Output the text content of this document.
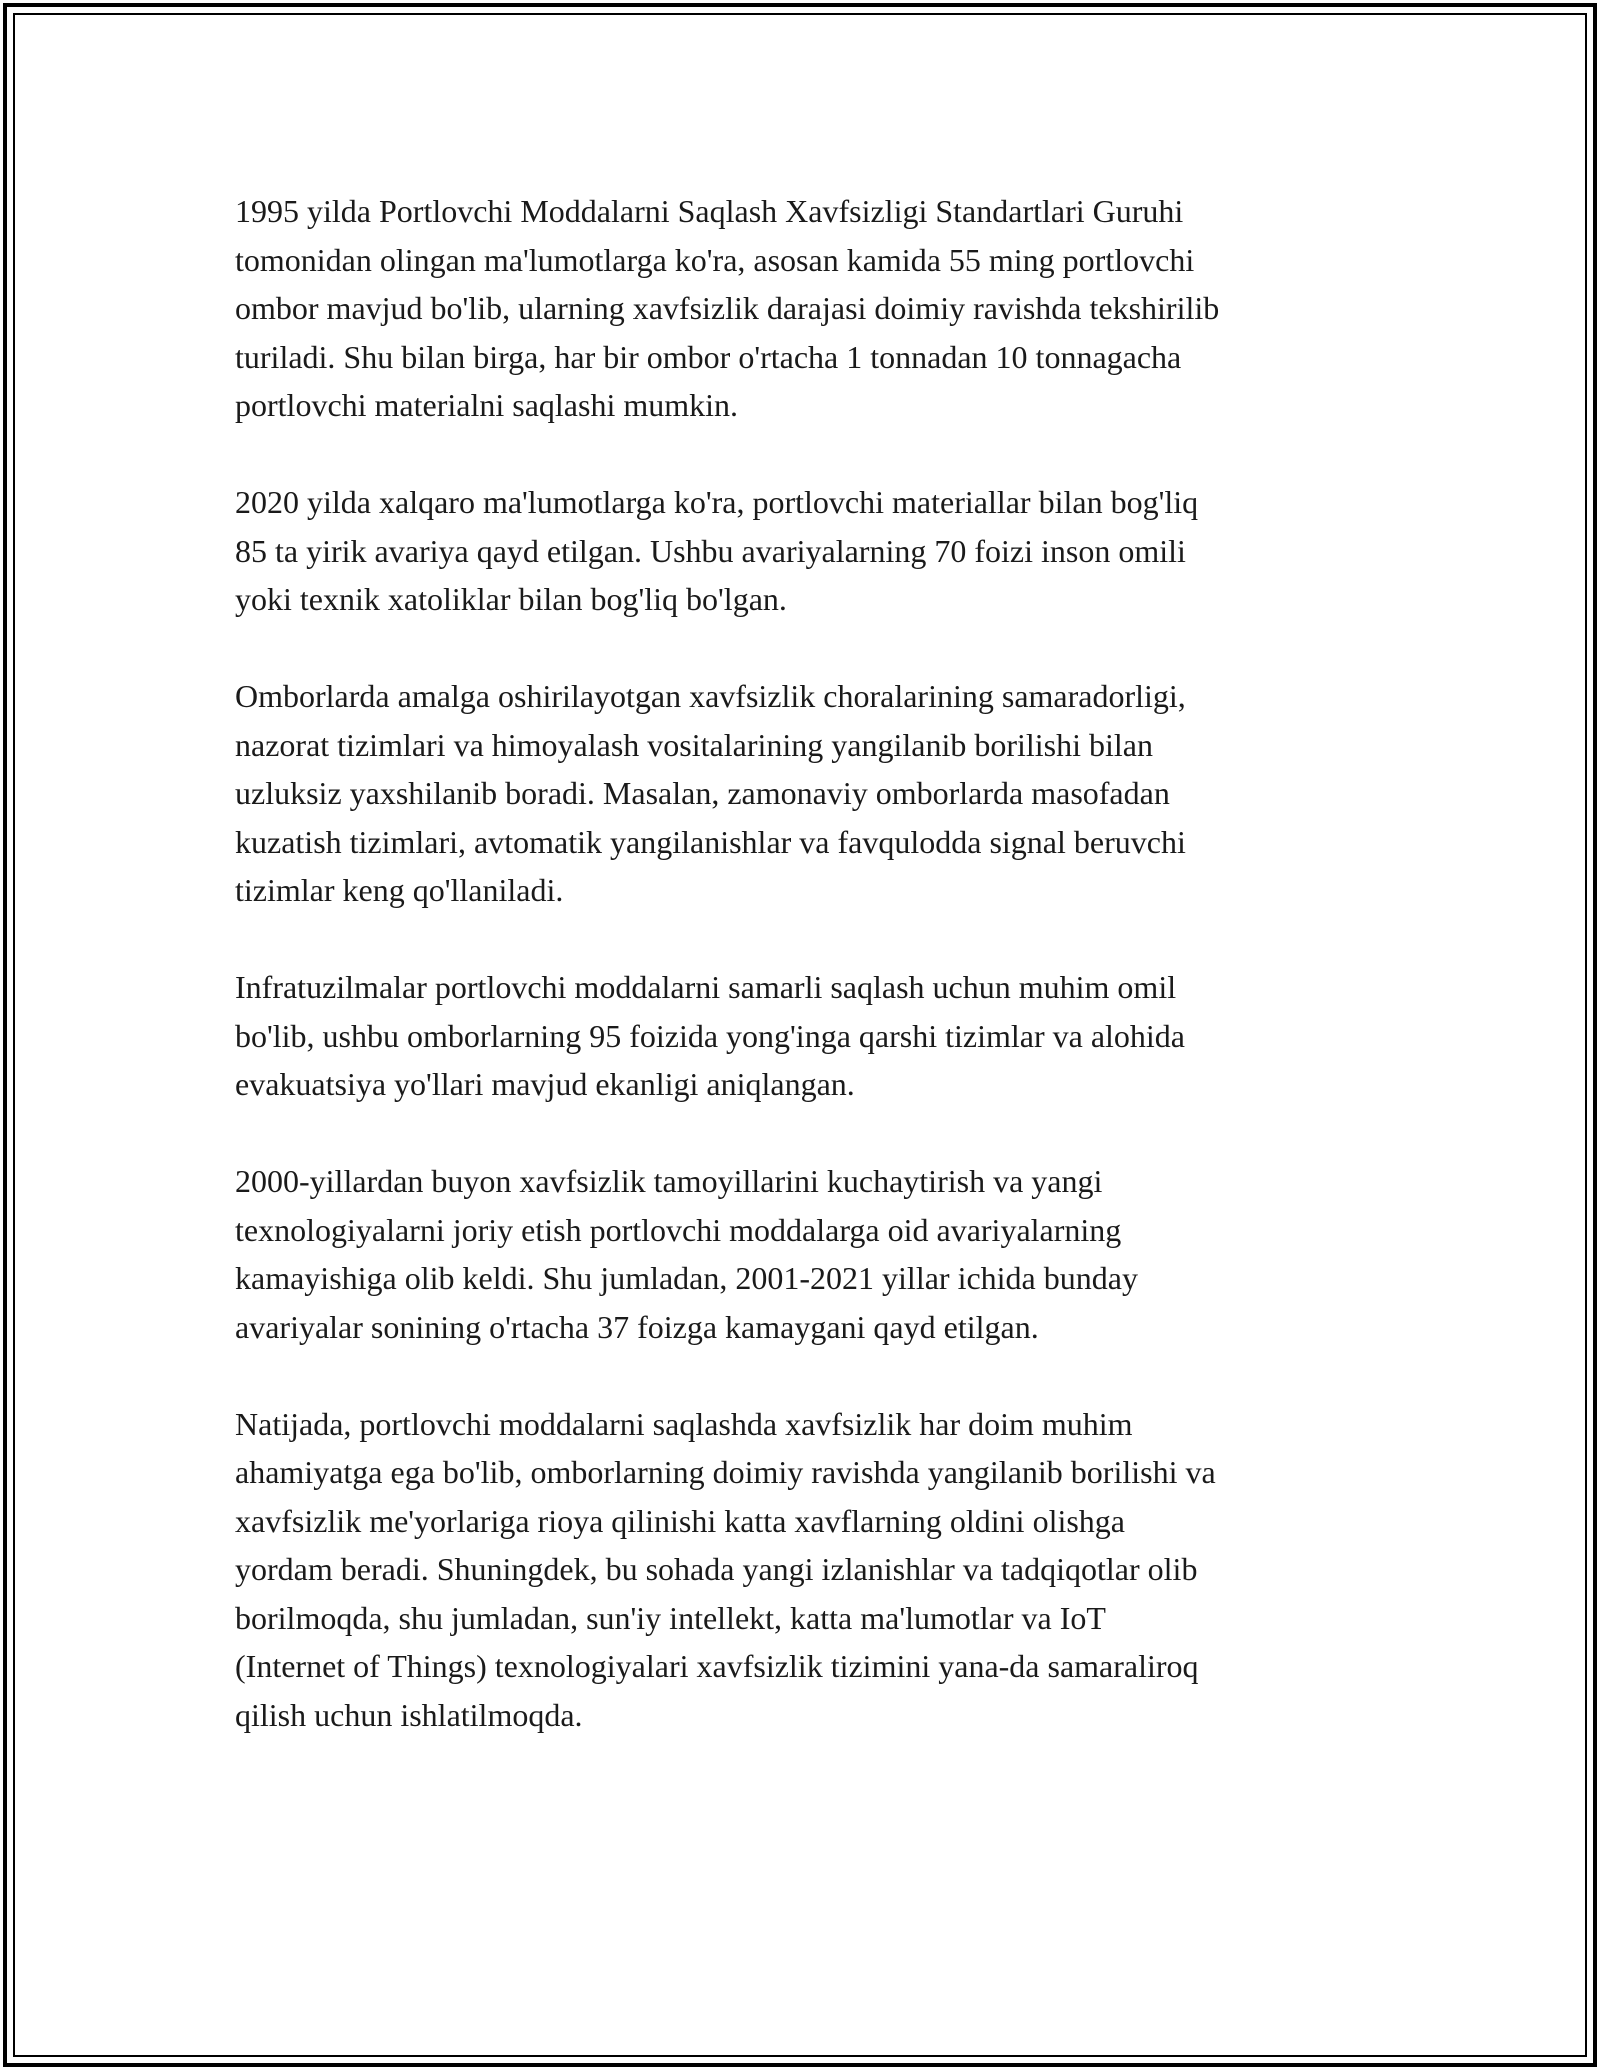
1995 yilda Portlovchi Moddalarni Saqlash Xavfsizligi Standartlari Guruhi
tomonidan olingan ma'lumotlarga ko'ra, asosan kamida 55 ming portlovchi
ombor mavjud bo'lib, ularning xavfsizlik darajasi doimiy ravishda tekshirilib
turiladi. Shu bilan birga, har bir ombor o'rtacha 1 tonnadan 10 tonnagacha
portlovchi materialni saqlashi mumkin.

2020 yilda xalqaro ma'lumotlarga ko'ra, portlovchi materiallar bilan bog'liq
85 ta yirik avariya qayd etilgan. Ushbu avariyalarning 70 foizi inson omili
yoki texnik xatoliklar bilan bog'liq bo'lgan.

Omborlarda amalga oshirilayotgan xavfsizlik choralarining samaradorligi,
nazorat tizimlari va himoyalash vositalarining yangilanib borilishi bilan
uzluksiz yaxshilanib boradi. Masalan, zamonaviy omborlarda masofadan
kuzatish tizimlari, avtomatik yangilanishlar va favqulodda signal beruvchi
tizimlar keng qo'llaniladi.

Infratuzilmalar portlovchi moddalarni samarli saqlash uchun muhim omil
bo'lib, ushbu omborlarning 95 foizida yong'inga qarshi tizimlar va alohida
evakuatsiya yo'llari mavjud ekanligi aniqlangan.

2000-yillardan buyon xavfsizlik tamoyillarini kuchaytirish va yangi
texnologiyalarni joriy etish portlovchi moddalarga oid avariyalarning
kamayishiga olib keldi. Shu jumladan, 2001-2021 yillar ichida bunday
avariyalar sonining o'rtacha 37 foizga kamaygani qayd etilgan.

Natijada, portlovchi moddalarni saqlashda xavfsizlik har doim muhim
ahamiyatga ega bo'lib, omborlarning doimiy ravishda yangilanib borilishi va
xavfsizlik me'yorlariga rioya qilinishi katta xavflarning oldini olishga
yordam beradi. Shuningdek, bu sohada yangi izlanishlar va tadqiqotlar olib
borilmoqda, shu jumladan, sun'iy intellekt, katta ma'lumotlar va IoT
(Internet of Things) texnologiyalari xavfsizlik tizimini yana-da samaraliroq
qilish uchun ishlatilmoqda.
